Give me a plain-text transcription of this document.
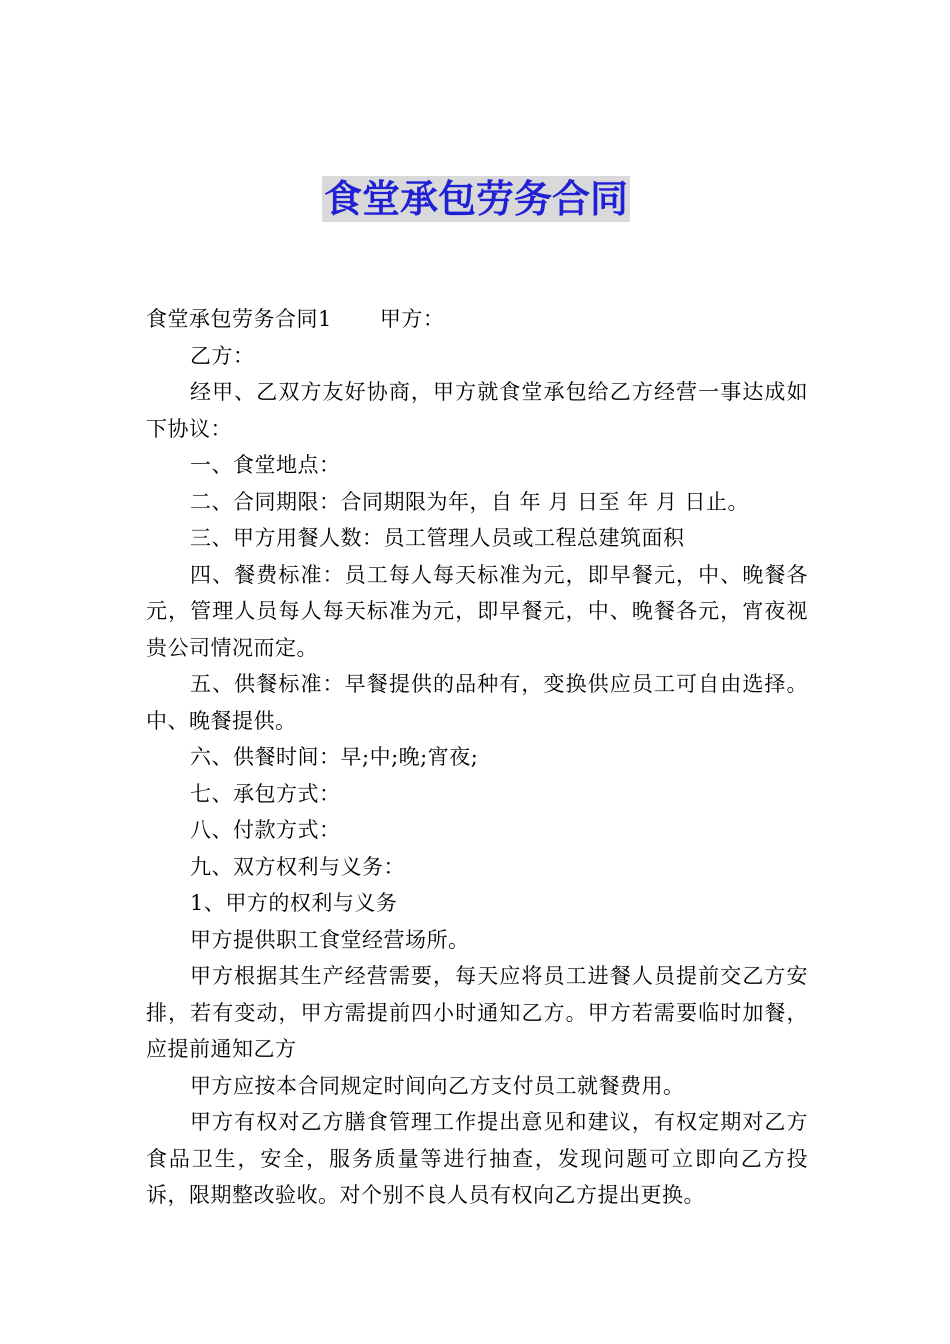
食堂承包劳务合同

食堂承包劳务合同1 甲方：

乙方：

经甲、乙双方友好协商，甲方就食堂承包给乙方经营一事达成如下协议：

一、食堂地点：

二、合同期限：合同期限为年，自 年 月 日至 年 月 日止。

三、甲方用餐人数：员工管理人员或工程总建筑面积

四、餐费标准：员工每人每天标准为元，即早餐元，中、晚餐各元，管理人员每人每天标准为元，即早餐元，中、晚餐各元，宵夜视贵公司情况而定。

五、供餐标准：早餐提供的品种有，变换供应员工可自由选择。中、晚餐提供。

六、供餐时间：早;中;晚;宵夜;

七、承包方式：

八、付款方式：

九、双方权利与义务：

1、甲方的权利与义务

甲方提供职工食堂经营场所。

甲方根据其生产经营需要，每天应将员工进餐人员提前交乙方安排，若有变动，甲方需提前四小时通知乙方。甲方若需要临时加餐，应提前通知乙方

甲方应按本合同规定时间向乙方支付员工就餐费用。

甲方有权对乙方膳食管理工作提出意见和建议，有权定期对乙方食品卫生，安全，服务质量等进行抽查，发现问题可立即向乙方投诉，限期整改验收。对个别不良人员有权向乙方提出更换。
